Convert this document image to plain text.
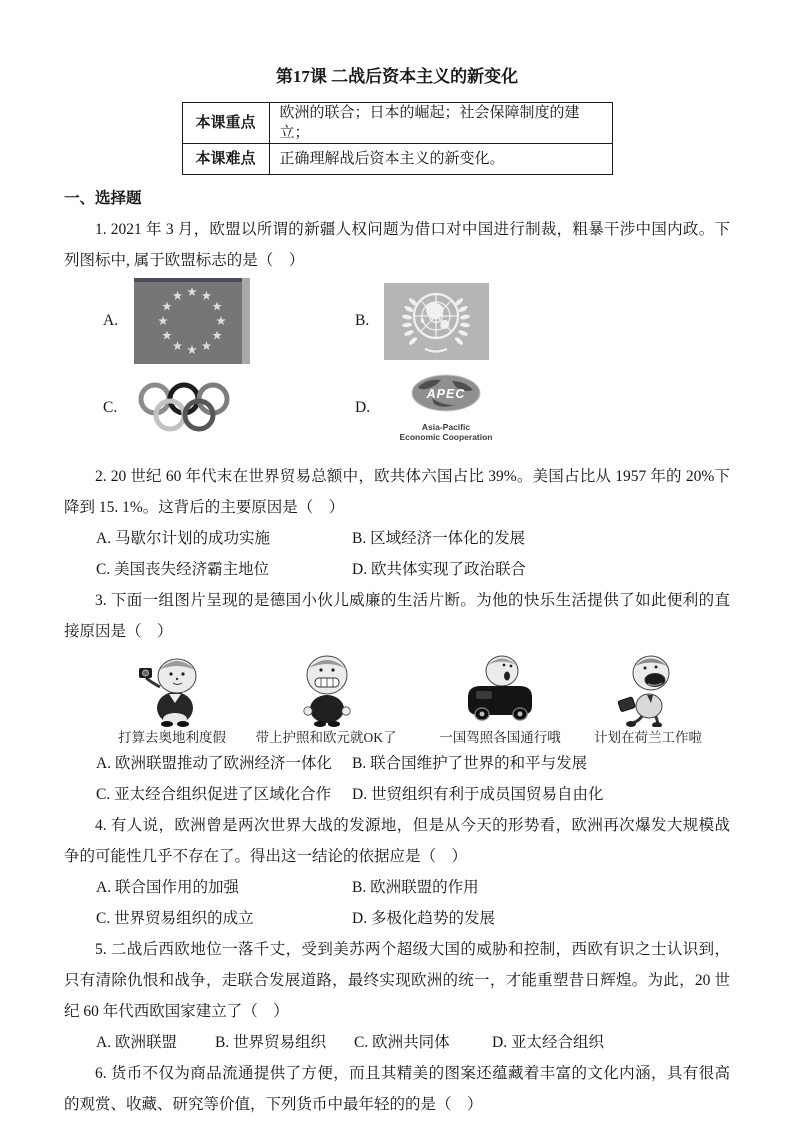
第17课 二战后资本主义的新变化
本课重点	欧洲的联合；日本的崛起；社会保障制度的建立；
本课难点	正确理解战后资本主义的新变化。
一、选择题

1. 2021 年 3 月，欧盟以所谓的新疆人权问题为借口对中国进行制裁，粗暴干涉中国内政。下列图标中, 属于欧盟标志的是（　）

A.	B.
C.	D.
APEC
Asia-Pacific
Economic Cooperation

2. 20 世纪 60 年代末在世界贸易总额中，欧共体六国占比 39%。美国占比从 1957 年的 20%下降到 15. 1%。这背后的主要原因是（　）

A. 马歇尔计划的成功实施	B. 区域经济一体化的发展
C. 美国丧失经济霸主地位	D. 欧共体实现了政治联合

3. 下面一组图片呈现的是德国小伙儿威廉的生活片断。为他的快乐生活提供了如此便利的直接原因是（　）

打算去奥地利度假 带上护照和欧元就OK了	一国驾照各国通行哦 计划在荷兰工作啦
A. 欧洲联盟推动了欧洲经济一体化	B. 联合国维护了世界的和平与发展
C. 亚太经合组织促进了区域化合作	D. 世贸组织有利于成员国贸易自由化

4. 有人说，欧洲曾是两次世界大战的发源地，但是从今天的形势看，欧洲再次爆发大规模战争的可能性几乎不存在了。得出这一结论的依据应是（　）

A. 联合国作用的加强	B. 欧洲联盟的作用
C. 世界贸易组织的成立	D. 多极化趋势的发展

5. 二战后西欧地位一落千丈，受到美苏两个超级大国的威胁和控制，西欧有识之士认识到，只有清除仇恨和战争，走联合发展道路，最终实现欧洲的统一，才能重塑昔日辉煌。为此，20 世纪 60 年代西欧国家建立了（　）

A. 欧洲联盟	B. 世界贸易组织	C. 欧洲共同体	D. 亚太经合组织

6. 货币不仅为商品流通提供了方便，而且其精美的图案还蕴藏着丰富的文化内涵，具有很高的观赏、收藏、研究等价值，下列货币中最年轻的的是（　）
